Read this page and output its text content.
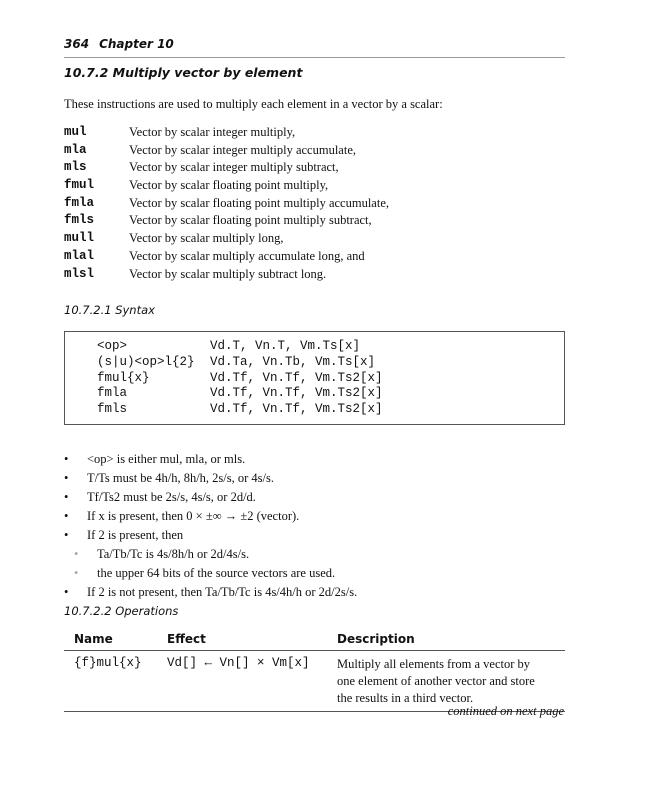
364 Chapter 10
10.7.2 Multiply vector by element
These instructions are used to multiply each element in a vector by a scalar:
mul	Vector by scalar integer multiply,
mla	Vector by scalar integer multiply accumulate,
mls	Vector by scalar integer multiply subtract,
fmul	Vector by scalar floating point multiply,
fmla	Vector by scalar floating point multiply accumulate,
fmls	Vector by scalar floating point multiply subtract,
mull	Vector by scalar multiply long,
mlal	Vector by scalar multiply accumulate long, and
mlsl	Vector by scalar multiply subtract long.
10.7.2.1 Syntax
<op>	Vd.T, Vn.T, Vm.Ts[x]
(s|u)<op>l{2}	Vd.Ta, Vn.Tb, Vm.Ts[x]
fmul{x}	Vd.Tf, Vn.Tf, Vm.Ts2[x]
fmla	Vd.Tf, Vn.Tf, Vm.Ts2[x]
fmls	Vd.Tf, Vn.Tf, Vm.Ts2[x]
•	<op> is either mul, mla, or mls.
•	T/Ts must be 4h/h, 8h/h, 2s/s, or 4s/s.
•	Tf/Ts2 must be 2s/s, 4s/s, or 2d/d.
•	If x is present, then 0 × ±∞ → ±2 (vector).
•	If 2 is present, then
•	Ta/Tb/Tc is 4s/8h/h or 2d/4s/s.
•	the upper 64 bits of the source vectors are used.
•	If 2 is not present, then Ta/Tb/Tc is 4s/4h/h or 2d/2s/s.
10.7.2.2 Operations
Name	Effect	Description
{f}mul{x}	Vd[] ← Vn[] × Vm[x]	Multiply all elements from a vector by one element of another vector and store the results in a third vector.
continued on next page
